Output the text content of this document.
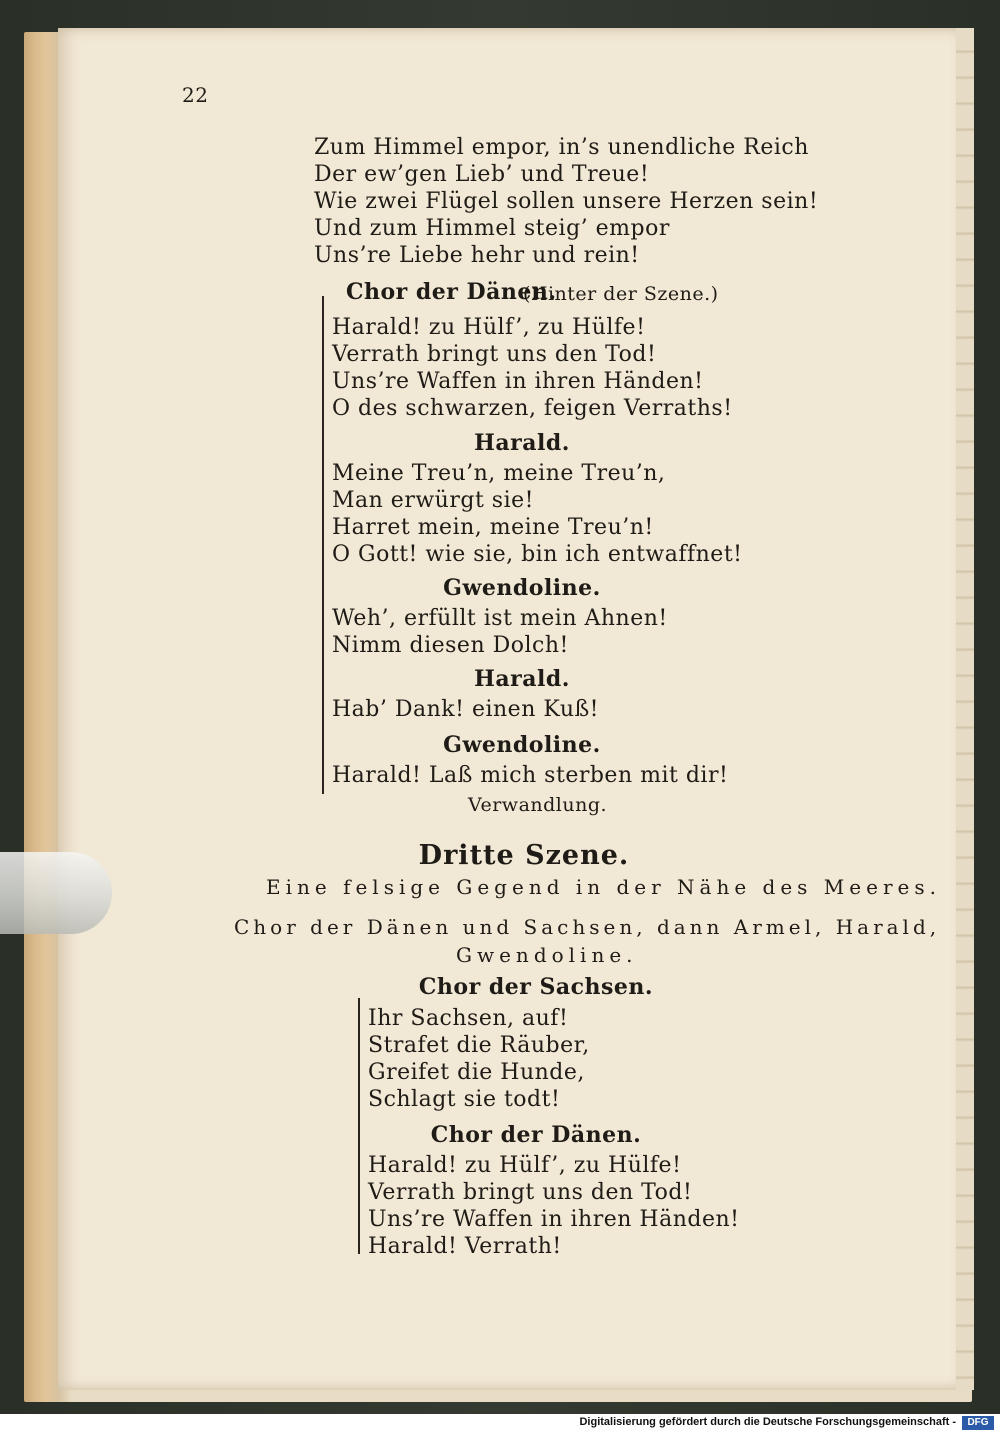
22
Zum Himmel empor, in’s unendliche Reich
Der ew’gen Lieb’ und Treue!
Wie zwei Flügel sollen unsere Herzen sein!
Und zum Himmel steig’ empor
Uns’re Liebe hehr und rein!
Chor der Dänen.
(Hinter der Szene.)
Harald! zu Hülf’, zu Hülfe!
Verrath bringt uns den Tod!
Uns’re Waffen in ihren Händen!
O des schwarzen, feigen Verraths!
Harald.
Meine Treu’n, meine Treu’n,
Man erwürgt sie!
Harret mein, meine Treu’n!
O Gott! wie sie, bin ich entwaffnet!
Gwendoline.
Weh’, erfüllt ist mein Ahnen!
Nimm diesen Dolch!
Harald.
Hab’ Dank! einen Kuß!
Gwendoline.
Harald! Laß mich sterben mit dir!
Verwandlung.
Dritte Szene.
Eine felsige Gegend in der Nähe des Meeres.
Chor der Dänen und Sachsen, dann Armel, Harald,
Gwendoline.
Chor der Sachsen.
Ihr Sachsen, auf!
Strafet die Räuber,
Greifet die Hunde,
Schlagt sie todt!
Chor der Dänen.
Harald! zu Hülf’, zu Hülfe!
Verrath bringt uns den Tod!
Uns’re Waffen in ihren Händen!
Harald! Verrath!
Digitalisierung gefördert durch die Deutsche Forschungsgemeinschaft -	DFG
